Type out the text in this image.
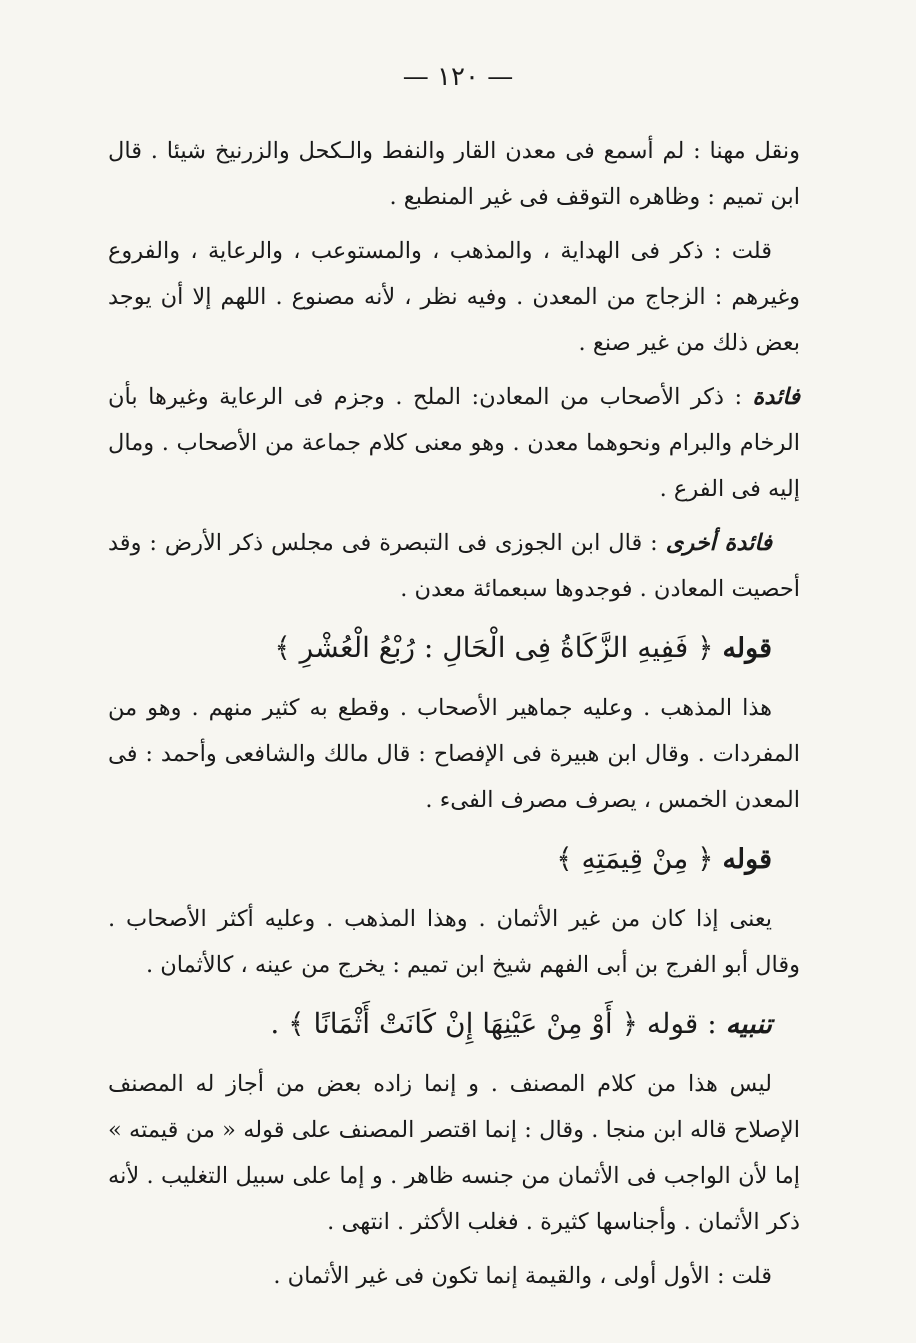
— ١٢٠ —

ونقل مهنا : لم أسمع فى معدن القار والنفط والـكحل والزرنيخ شيئا . قال ابن تميم : وظاهره التوقف فى غير المنطبع .

قلت : ذكر فى الهداية ، والمذهب ، والمستوعب ، والرعاية ، والفروع وغيرهم : الزجاج من المعدن . وفيه نظر ، لأنه مصنوع . اللهم إلا أن يوجد بعض ذلك من غير صنع .

فائدة : ذكر الأصحاب من المعادن: الملح . وجزم فى الرعاية وغيرها بأن الرخام والبرام ونحوهما معدن . وهو معنى كلام جماعة من الأصحاب . ومال إليه فى الفرع .

فائدة أخرى : قال ابن الجوزى فى التبصرة فى مجلس ذكر الأرض : وقد أحصيت المعادن . فوجدوها سبعمائة معدن .

قوله ﴿ فَفِيهِ الزَّكَاةُ فِى الْحَالِ : رُبْعُ الْعُشْرِ ﴾

هذا المذهب . وعليه جماهير الأصحاب . وقطع به كثير منهم . وهو من المفردات . وقال ابن هبيرة فى الإفصاح : قال مالك والشافعى وأحمد : فى المعدن الخمس ، يصرف مصرف الفىء .

قوله ﴿ مِنْ قِيمَتِهِ ﴾

يعنى إذا كان من غير الأثمان . وهذا المذهب . وعليه أكثر الأصحاب . وقال أبو الفرج بن أبى الفهم شيخ ابن تميم : يخرج من عينه ، كالأثمان .

تنبيه : قوله ﴿ أَوْ مِنْ عَيْنِهَا إِنْ كَانَتْ أَثْمَانًا ﴾ .

ليس هذا من كلام المصنف . و إنما زاده بعض من أجاز له المصنف الإصلاح قاله ابن منجا . وقال : إنما اقتصر المصنف على قوله « من قيمته » إما لأن الواجب فى الأثمان من جنسه ظاهر . و إما على سبيل التغليب . لأنه ذكر الأثمان . وأجناسها كثيرة . فغلب الأكثر . انتهى .

قلت : الأول أولى ، والقيمة إنما تكون فى غير الأثمان .
